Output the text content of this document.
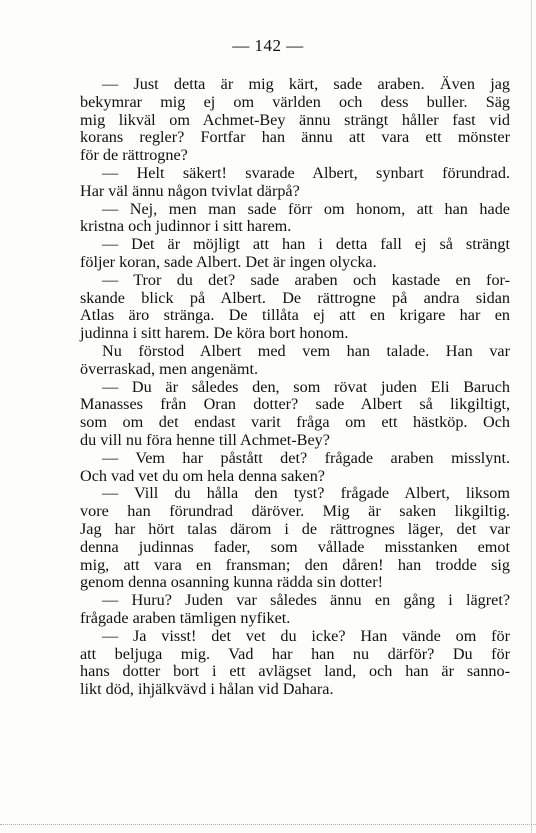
— 142 —
— Just detta är mig kärt, sade araben. Även jag
bekymrar mig ej om världen och dess buller. Säg
mig likväl om Achmet-Bey ännu strängt håller fast vid
korans regler? Fortfar han ännu att vara ett mönster
för de rättrogne?
— Helt säkert! svarade Albert, synbart förundrad.
Har väl ännu någon tvivlat därpå?
— Nej, men man sade förr om honom, att han hade
kristna och judinnor i sitt harem.
— Det är möjligt att han i detta fall ej så strängt
följer koran, sade Albert. Det är ingen olycka.
— Tror du det? sade araben och kastade en for-
skande blick på Albert. De rättrogne på andra sidan
Atlas äro stränga. De tillåta ej att en krigare har en
judinna i sitt harem. De köra bort honom.
Nu förstod Albert med vem han talade. Han var
överraskad, men angenämt.
— Du är således den, som rövat juden Eli Baruch
Manasses från Oran dotter? sade Albert så likgiltigt,
som om det endast varit fråga om ett hästköp. Och
du vill nu föra henne till Achmet-Bey?
— Vem har påstått det? frågade araben misslynt.
Och vad vet du om hela denna saken?
— Vill du hålla den tyst? frågade Albert, liksom
vore han förundrad däröver. Mig är saken likgiltig.
Jag har hört talas därom i de rättrognes läger, det var
denna judinnas fader, som vållade misstanken emot
mig, att vara en fransman; den dåren! han trodde sig
genom denna osanning kunna rädda sin dotter!
— Huru? Juden var således ännu en gång i lägret?
frågade araben tämligen nyfiket.
— Ja visst! det vet du icke? Han vände om för
att beljuga mig. Vad har han nu därför? Du för
hans dotter bort i ett avlägset land, och han är sanno-
likt död, ihjälkvävd i hålan vid Dahara.
